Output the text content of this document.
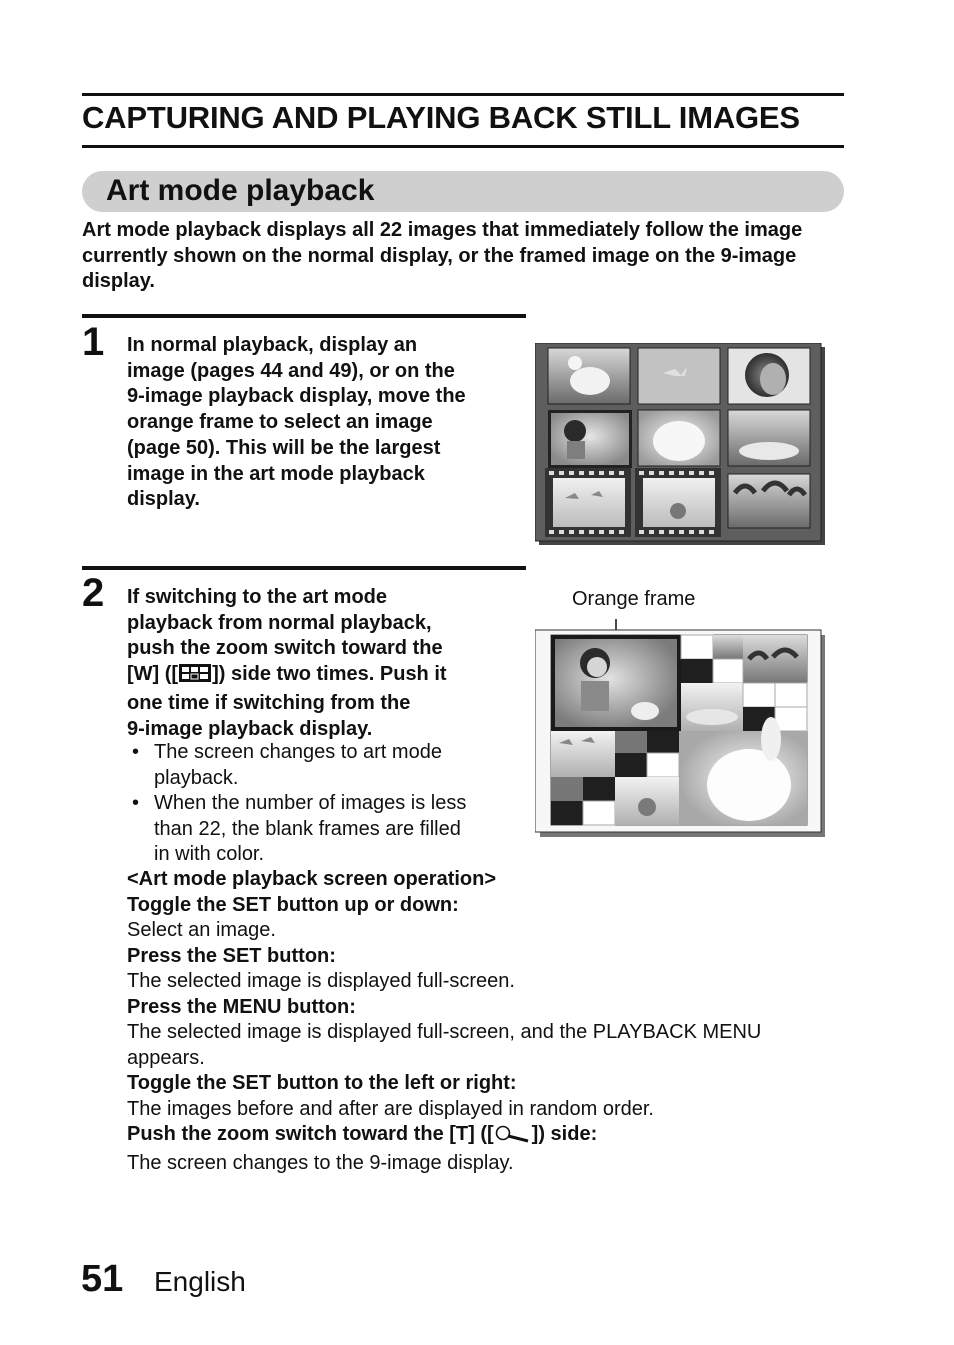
CAPTURING AND PLAYING BACK STILL IMAGES
Art mode playback
Art mode playback displays all 22 images that immediately follow the image currently shown on the normal display, or the framed image on the 9-image display.
1 In normal playback, display an
image (pages 44 and 49), or on the
9-image playback display, move the
orange frame to select an image
(page 50). This will be the largest
image in the art mode playback
display.
2 If switching to the art mode
playback from normal playback,
push the zoom switch toward the
[W] ([ ]) side two times. Push it
one time if switching from the
9-image playback display.
• The screen changes to art mode
playback.
• When the number of images is less
than 22, the blank frames are filled
in with color.
Orange frame
<Art mode playback screen operation>
Toggle the SET button up or down:
Select an image.
Press the SET button:
The selected image is displayed full-screen.
Press the MENU button:
The selected image is displayed full-screen, and the PLAYBACK MENU
appears.
Toggle the SET button to the left or right:
The images before and after are displayed in random order.
Push the zoom switch toward the [T] ([ ]) side:
The screen changes to the 9-image display.
51 English
